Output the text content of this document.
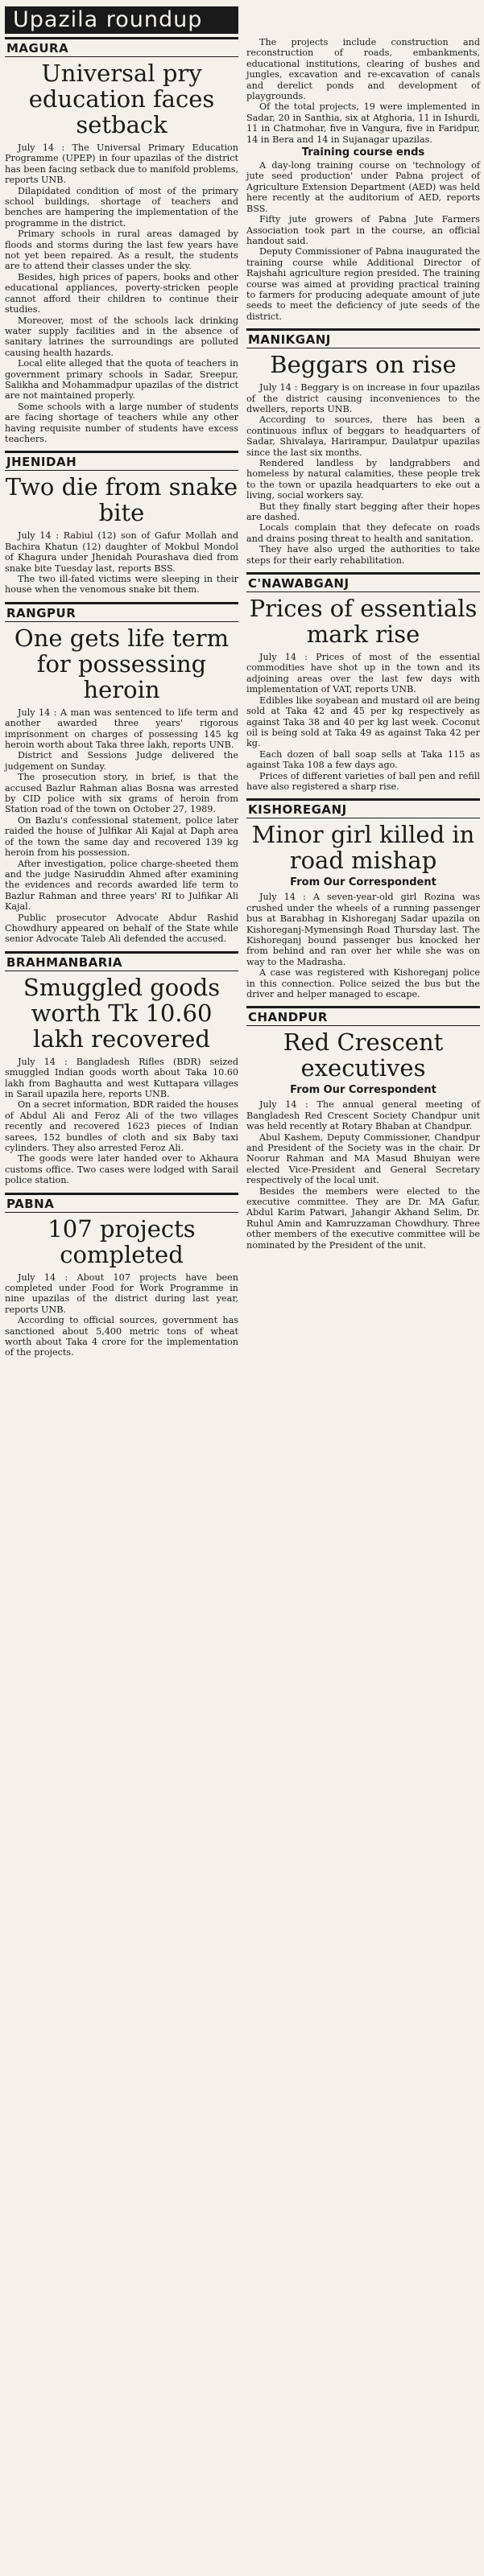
Upazila roundup
MAGURA
Universal pry education faces setback

July 14 : The Universal Primary Education Programme (UPEP) in four upazilas of the district has been facing setback due to manifold problems, reports UNB.

Dilapidated condition of most of the primary school buildings, shortage of teachers and benches are hampering the implementation of the programme in the district.

Primary schools in rural areas damaged by floods and storms during the last few years have not yet been repaired. As a result, the students are to attend their classes under the sky.

Besides, high prices of papers, books and other educational appliances, poverty-stricken people cannot afford their children to continue their studies.

Moreover, most of the schools lack drinking water supply facilities and in the absence of sanitary latrines the surroundings are polluted causing health hazards.

Local elite alleged that the quota of teachers in government primary schools in Sadar, Sreepur, Salikha and Mohammadpur upazilas of the district are not maintained properly.

Some schools with a large number of students are facing shortage of teachers while any other having requisite number of students have excess teachers.

JHENIDAH
Two die from snake bite

July 14 : Rabiul (12) son of Gafur Mollah and Bachira Khatun (12) daughter of Mokbul Mondol of Khagura under Jhenidah Pourashava died from snake bite Tuesday last, reports BSS.

The two ill-fated victims were sleeping in their house when the venomous snake bit them.

RANGPUR
One gets life term for possessing heroin

July 14 : A man was sentenced to life term and another awarded three years' rigorous imprisonment on charges of possessing 145 kg heroin worth about Taka three lakh, reports UNB.

District and Sessions Judge delivered the judgement on Sunday.

The prosecution story, in brief, is that the accused Bazlur Rahman alias Bosna was arrested by CID police with six grams of heroin from Station road of the town on October 27, 1989.

On Bazlu's confessional statement, police later raided the house of Julfikar Ali Kajal at Daph area of the town the same day and recovered 139 kg heroin from his possession.

After investigation, police charge-sheeted them and the judge Nasiruddin Ahmed after examining the evidences and records awarded life term to Bazlur Rahman and three years' RI to Julfikar Ali Kajal.

Public prosecutor Advocate Abdur Rashid Chowdhury appeared on behalf of the State while senior Advocate Taleb Ali defended the accused.

BRAHMANBARIA
Smuggled goods worth Tk 10.60 lakh recovered

July 14 : Bangladesh Rifles (BDR) seized smuggled Indian goods worth about Taka 10.60 lakh from Baghautta and west Kuttapara villages in Sarail upazila here, reports UNB.

On a secret information, BDR raided the houses of Abdul Ali and Feroz Ali of the two villages recently and recovered 1623 pieces of Indian sarees, 152 bundles of cloth and six Baby taxi cylinders. They also arrested Feroz Ali.

The goods were later handed over to Akhaura customs office. Two cases were lodged with Sarail police station.

PABNA
107 projects completed

July 14 : About 107 projects have been completed under Food for Work Programme in nine upazilas of the district during last year, reports UNB.

According to official sources, government has sanctioned about 5,400 metric tons of wheat worth about Taka 4 crore for the implementation of the projects.

The projects include construction and reconstruction of roads, embankments, educational institutions, clearing of bushes and jungles, excavation and re-excavation of canals and derelict ponds and development of playgrounds.

Of the total projects, 19 were implemented in Sadar, 20 in Santhia, six at Atghoria, 11 in Ishurdi, 11 in Chatmohar, five in Vangura, five in Faridpur, 14 in Bera and 14 in Sujanagar upazilas.

Training course ends

A day-long training course on 'technology of jute seed production' under Pabna project of Agriculture Extension Department (AED) was held here recently at the auditorium of AED, reports BSS.

Fifty jute growers of Pabna Jute Farmers Association took part in the course, an official handout said.

Deputy Commissioner of Pabna inaugurated the training course while Additional Director of Rajshahi agriculture region presided. The training course was aimed at providing practical training to farmers for producing adequate amount of jute seeds to meet the deficiency of jute seeds of the district.

MANIKGANJ
Beggars on rise

July 14 : Beggary is on increase in four upazilas of the district causing inconveniences to the dwellers, reports UNB.

According to sources, there has been a continuous influx of beggars to headquarters of Sadar, Shivalaya, Harirampur, Daulatpur upazilas since the last six months.

Rendered landless by landgrabbers and homeless by natural calamities, these people trek to the town or upazila headquarters to eke out a living, social workers say.

But they finally start begging after their hopes are dashed.

Locals complain that they defecate on roads and drains posing threat to health and sanitation.

They have also urged the authorities to take steps for their early rehabilitation.

C'NAWABGANJ
Prices of essentials mark rise

July 14 : Prices of most of the essential commodities have shot up in the town and its adjoining areas over the last few days with implementation of VAT, reports UNB.

Edibles like soyabean and mustard oil are being sold at Taka 42 and 45 per kg respectively as against Taka 38 and 40 per kg last week. Coconut oil is being sold at Taka 49 as against Taka 42 per kg.

Each dozen of ball soap sells at Taka 115 as against Taka 108 a few days ago.

Prices of different varieties of ball pen and refill have also registered a sharp rise.

KISHOREGANJ
Minor girl killed in road mishap
From Our Correspondent

July 14 : A seven-year-old girl Rozina was crushed under the wheels of a running passenger bus at Barabhag in Kishoreganj Sadar upazila on Kishoreganj-Mymensingh Road Thursday last. The Kishoreganj bound passenger bus knocked her from behind and ran over her while she was on way to the Madrasha.

A case was registered with Kishoreganj police in this connection. Police seized the bus but the driver and helper managed to escape.

CHANDPUR
Red Crescent executives
From Our Correspondent

July 14 : The annual general meeting of Bangladesh Red Crescent Society Chandpur unit was held recently at Rotary Bhaban at Chandpur.

Abul Kashem, Deputy Commissioner, Chandpur and President of the Society was in the chair. Dr Noorur Rahman and MA Masud Bhuiyan were elected Vice-President and General Secretary respectively of the local unit.

Besides the members were elected to the executive committee. They are Dr. MA Gafur, Abdul Karim Patwari, Jahangir Akhand Selim, Dr. Ruhul Amin and Kamruzzaman Chowdhury. Three other members of the executive committee will be nominated by the President of the unit.
